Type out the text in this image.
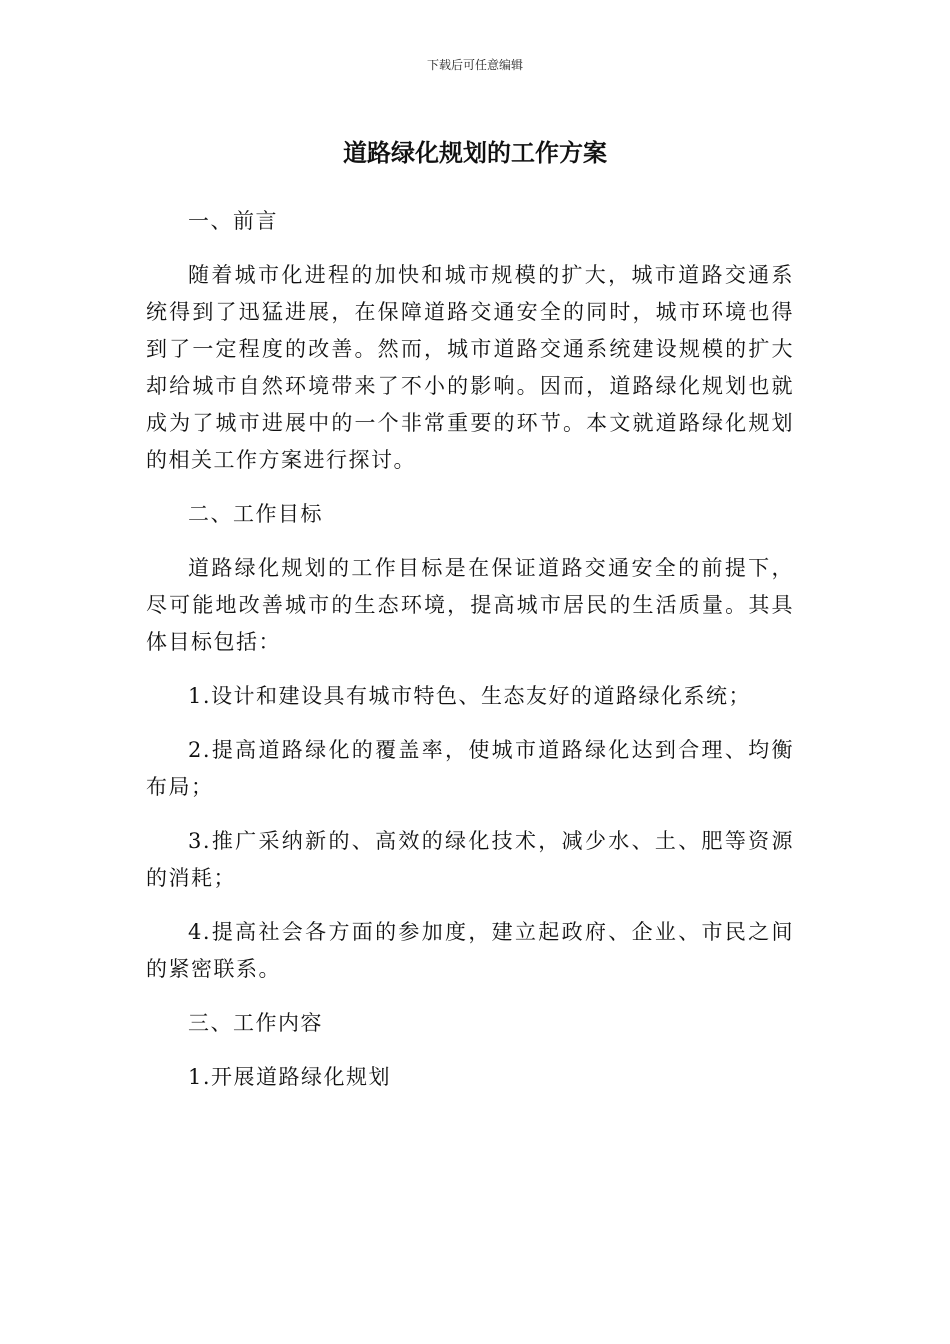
下载后可任意编辑
道路绿化规划的工作方案

一、前言

随着城市化进程的加快和城市规模的扩大，城市道路交通系统得到了迅猛进展，在保障道路交通安全的同时，城市环境也得到了一定程度的改善。然而，城市道路交通系统建设规模的扩大却给城市自然环境带来了不小的影响。因而，道路绿化规划也就成为了城市进展中的一个非常重要的环节。本文就道路绿化规划的相关工作方案进行探讨。

二、工作目标

道路绿化规划的工作目标是在保证道路交通安全的前提下，尽可能地改善城市的生态环境，提高城市居民的生活质量。其具体目标包括：

1.设计和建设具有城市特色、生态友好的道路绿化系统；

2.提高道路绿化的覆盖率，使城市道路绿化达到合理、均衡布局；

3.推广采纳新的、高效的绿化技术，减少水、土、肥等资源的消耗；

4.提高社会各方面的参加度，建立起政府、企业、市民之间的紧密联系。

三、工作内容

1.开展道路绿化规划
